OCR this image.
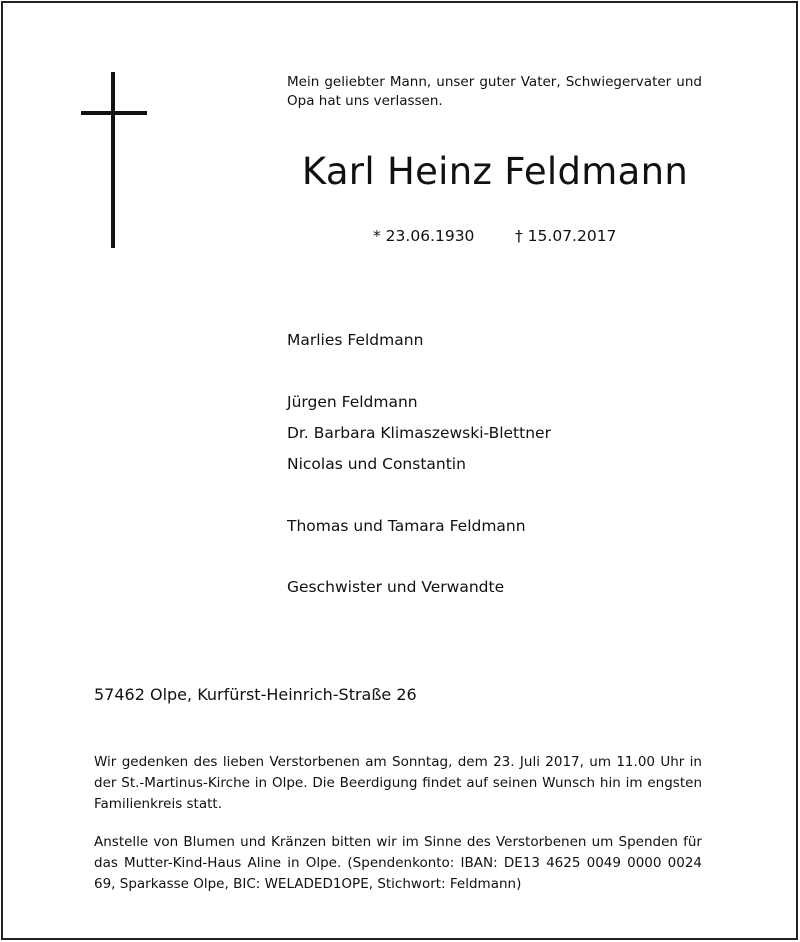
Mein geliebter Mann, unser guter Vater, Schwiegervater und Opa hat uns verlassen.
Karl Heinz Feldmann
* 23.06.1930	† 15.07.2017
Marlies Feldmann
Jürgen Feldmann
Dr. Barbara Klimaszewski-Blettner
Nicolas und Constantin
Thomas und Tamara Feldmann
Geschwister und Verwandte
57462 Olpe, Kurfürst-Heinrich-Straße 26

Wir gedenken des lieben Verstorbenen am Sonntag, dem 23. Juli 2017, um 11.00 Uhr in der St.-Martinus-Kirche in Olpe. Die Beerdigung findet auf seinen Wunsch hin im engsten Familienkreis statt.

Anstelle von Blumen und Kränzen bitten wir im Sinne des Verstorbenen um Spenden für das Mutter-Kind-Haus Aline in Olpe. (Spendenkonto: IBAN: DE13 4625 0049 0000 0024 69, Sparkasse Olpe, BIC: WELADED1OPE, Stichwort: Feldmann)
